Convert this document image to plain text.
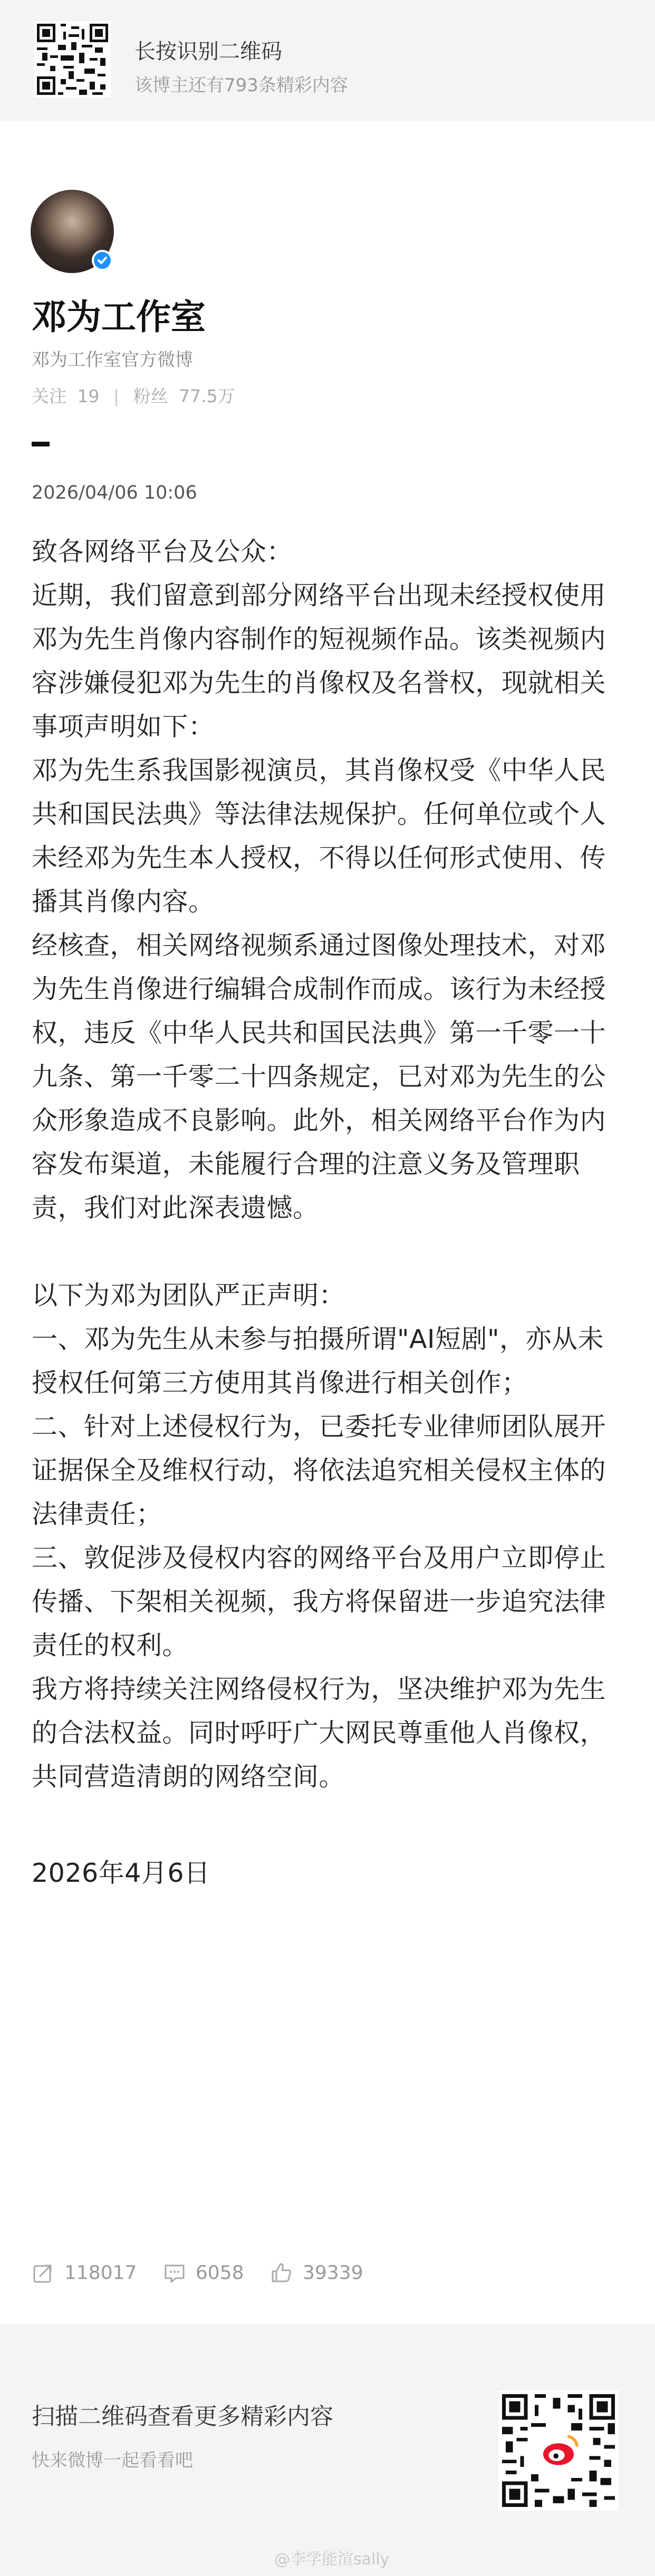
长按识别二维码
该博主还有793条精彩内容
邓为工作室
邓为工作室官方微博
关注 19 | 粉丝 77.5万
2026/04/06 10:06

致各网络平台及公众：

近期，我们留意到部分网络平台出现未经授权使用邓为先生肖像内容制作的短视频作品。该类视频内容涉嫌侵犯邓为先生的肖像权及名誉权，现就相关事项声明如下：

邓为先生系我国影视演员，其肖像权受《中华人民共和国民法典》等法律法规保护。任何单位或个人未经邓为先生本人授权，不得以任何形式使用、传播其肖像内容。

经核查，相关网络视频系通过图像处理技术，对邓为先生肖像进行编辑合成制作而成。该行为未经授权，违反《中华人民共和国民法典》第一千零一十九条、第一千零二十四条规定，已对邓为先生的公众形象造成不良影响。此外，相关网络平台作为内容发布渠道，未能履行合理的注意义务及管理职责，我们对此深表遗憾。

以下为邓为团队严正声明：

一、邓为先生从未参与拍摄所谓"AI短剧"，亦从未授权任何第三方使用其肖像进行相关创作；

二、针对上述侵权行为，已委托专业律师团队展开证据保全及维权行动，将依法追究相关侵权主体的法律责任；

三、敦促涉及侵权内容的网络平台及用户立即停止传播、下架相关视频，我方将保留进一步追究法律责任的权利。

我方将持续关注网络侵权行为，坚决维护邓为先生的合法权益。同时呼吁广大网民尊重他人肖像权，共同营造清朗的网络空间。

2026年4月6日

118017	6058	39339
扫描二维码查看更多精彩内容
快来微博一起看看吧
@李学能渲sally
